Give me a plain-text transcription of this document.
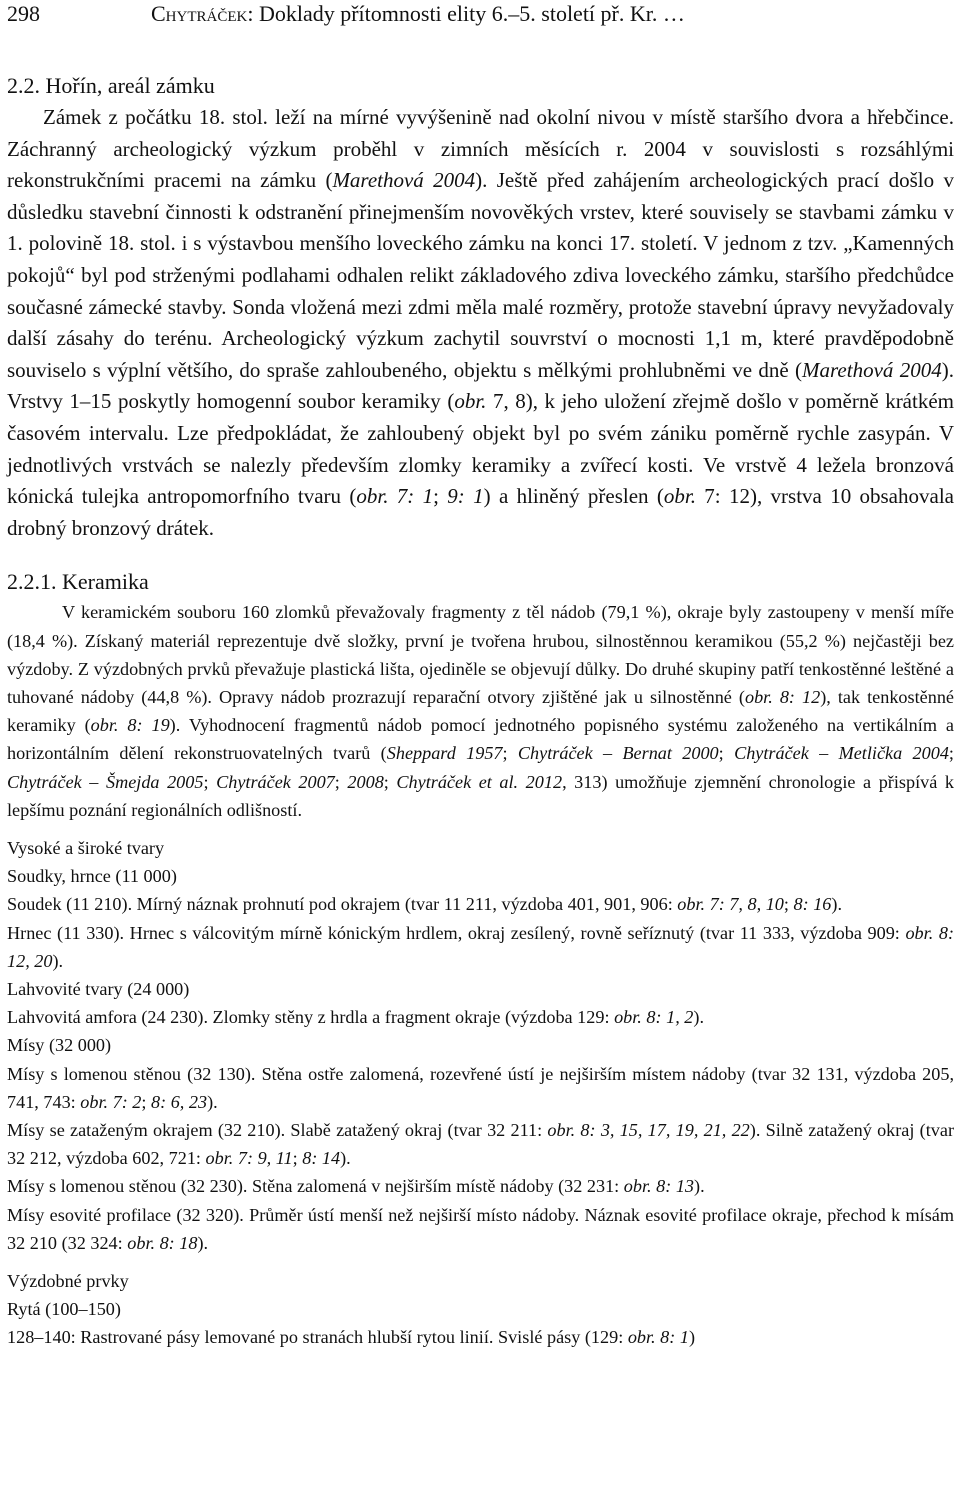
298	Chytráček: Doklady přítomnosti elity 6.–5. století př. Kr. …
2.2. Hořín, areál zámku

Zámek z počátku 18. stol. leží na mírné vyvýšenině nad okolní nivou v místě staršího dvora a hřebčince. Záchranný archeologický výzkum proběhl v zimních měsících r. 2004 v souvislosti s rozsáhlými rekonstrukčními pracemi na zámku (Marethová 2004). Ještě před zahájením archeologických prací došlo v důsledku stavební činnosti k odstranění přinejmenším novověkých vrstev, které souvisely se stavbami zámku v 1. polovině 18. stol. i s výstavbou menšího loveckého zámku na konci 17. století. V jednom z tzv. „Kamenných pokojů“ byl pod strženými podlahami odhalen relikt základového zdiva loveckého zámku, staršího předchůdce současné zámecké stavby. Sonda vložená mezi zdmi měla malé rozměry, protože stavební úpravy nevyžadovaly další zásahy do terénu. Archeologický výzkum zachytil souvrství o mocnosti 1,1 m, které pravděpodobně souviselo s výplní většího, do spraše zahloubeného, objektu s mělkými prohlubněmi ve dně (Marethová 2004). Vrstvy 1–15 poskytly homogenní soubor keramiky (obr. 7, 8), k jeho uložení zřejmě došlo v poměrně krátkém časovém intervalu. Lze předpokládat, že zahloubený objekt byl po svém zániku poměrně rychle zasypán. V jednotlivých vrstvách se nalezly především zlomky keramiky a zvířecí kosti. Ve vrstvě 4 ležela bronzová kónická tulejka antropomorfního tvaru (obr. 7: 1; 9: 1) a hliněný přeslen (obr. 7: 12), vrstva 10 obsahovala drobný bronzový drátek.

2.2.1. Keramika

V keramickém souboru 160 zlomků převažovaly fragmenty z těl nádob (79,1 %), okraje byly zastoupeny v menší míře (18,4 %). Získaný materiál reprezentuje dvě složky, první je tvořena hrubou, silnostěnnou keramikou (55,2 %) nejčastěji bez výzdoby. Z výzdobných prvků převažuje plastická lišta, ojediněle se objevují důlky. Do druhé skupiny patří tenkostěnné leštěné a tuhované nádoby (44,8 %). Opravy nádob prozrazují reparační otvory zjištěné jak u silnostěnné (obr. 8: 12), tak tenkostěnné keramiky (obr. 8: 19). Vyhodnocení fragmentů nádob pomocí jednotného popisného systému založeného na vertikálním a horizontálním dělení rekonstruovatelných tvarů (Sheppard 1957; Chytráček – Bernat 2000; Chytráček – Metlička 2004; Chytráček – Šmejda 2005; Chytráček 2007; 2008; Chytráček et al. 2012, 313) umožňuje zjemnění chronologie a přispívá k lepšímu poznání regionálních odlišností.

Vysoké a široké tvary
Soudky, hrnce (11 000)
Soudek (11 210). Mírný náznak prohnutí pod okrajem (tvar 11 211, výzdoba 401, 901, 906: obr. 7: 7, 8, 10; 8: 16).
Hrnec (11 330). Hrnec s válcovitým mírně kónickým hrdlem, okraj zesílený, rovně seříznutý (tvar 11 333, výzdoba 909: obr. 8: 12, 20).
Lahvovité tvary (24 000)
Lahvovitá amfora (24 230). Zlomky stěny z hrdla a fragment okraje (výzdoba 129: obr. 8: 1, 2).
Mísy (32 000)
Mísy s lomenou stěnou (32 130). Stěna ostře zalomená, rozevřené ústí je nejširším místem nádoby (tvar 32 131, výzdoba 205, 741, 743: obr. 7: 2; 8: 6, 23).
Mísy se zataženým okrajem (32 210). Slabě zatažený okraj (tvar 32 211: obr. 8: 3, 15, 17, 19, 21, 22). Silně zatažený okraj (tvar 32 212, výzdoba 602, 721: obr. 7: 9, 11; 8: 14).
Mísy s lomenou stěnou (32 230). Stěna zalomená v nejširším místě nádoby (32 231: obr. 8: 13).
Mísy esovité profilace (32 320). Průměr ústí menší než nejširší místo nádoby. Náznak esovité profilace okraje, přechod k mísám 32 210 (32 324: obr. 8: 18).
Výzdobné prvky
Rytá (100–150)
128–140: Rastrované pásy lemované po stranách hlubší rytou linií. Svislé pásy (129: obr. 8: 1)
